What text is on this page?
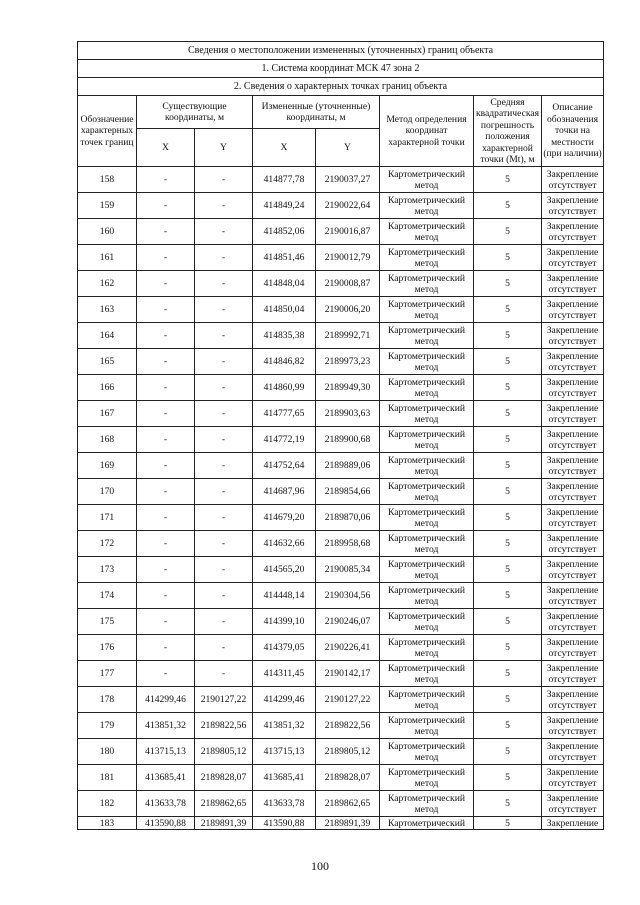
Сведения о местоположении измененных (уточненных) границ объекта							
1. Система координат МСК 47 зона 2							
2. Сведения о характерных точках границ объекта							
Обозначение характерных точек границ	Существующие координаты, м		Измененные (уточненные) координаты, м		Метод определения координат характерной точки	Средняя квадратическая погрешность положения характерной точки (Mt), м	Описание обозначения точки на местности (при наличии)
	X	Y	X	Y			
158	-	-	414877,78	2190037,27	Картометрический метод	5	Закрепление отсутствует
159	-	-	414849,24	2190022,64	Картометрический метод	5	Закрепление отсутствует
160	-	-	414852,06	2190016,87	Картометрический метод	5	Закрепление отсутствует
161	-	-	414851,46	2190012,79	Картометрический метод	5	Закрепление отсутствует
162	-	-	414848,04	2190008,87	Картометрический метод	5	Закрепление отсутствует
163	-	-	414850,04	2190006,20	Картометрический метод	5	Закрепление отсутствует
164	-	-	414835,38	2189992,71	Картометрический метод	5	Закрепление отсутствует
165	-	-	414846,82	2189973,23	Картометрический метод	5	Закрепление отсутствует
166	-	-	414860,99	2189949,30	Картометрический метод	5	Закрепление отсутствует
167	-	-	414777,65	2189903,63	Картометрический метод	5	Закрепление отсутствует
168	-	-	414772,19	2189900,68	Картометрический метод	5	Закрепление отсутствует
169	-	-	414752,64	2189889,06	Картометрический метод	5	Закрепление отсутствует
170	-	-	414687,96	2189854,66	Картометрический метод	5	Закрепление отсутствует
171	-	-	414679,20	2189870,06	Картометрический метод	5	Закрепление отсутствует
172	-	-	414632,66	2189958,68	Картометрический метод	5	Закрепление отсутствует
173	-	-	414565,20	2190085,34	Картометрический метод	5	Закрепление отсутствует
174	-	-	414448,14	2190304,56	Картометрический метод	5	Закрепление отсутствует
175	-	-	414399,10	2190246,07	Картометрический метод	5	Закрепление отсутствует
176	-	-	414379,05	2190226,41	Картометрический метод	5	Закрепление отсутствует
177	-	-	414311,45	2190142,17	Картометрический метод	5	Закрепление отсутствует
178	414299,46	2190127,22	414299,46	2190127,22	Картометрический метод	5	Закрепление отсутствует
179	413851,32	2189822,56	413851,32	2189822,56	Картометрический метод	5	Закрепление отсутствует
180	413715,13	2189805,12	413715,13	2189805,12	Картометрический метод	5	Закрепление отсутствует
181	413685,41	2189828,07	413685,41	2189828,07	Картометрический метод	5	Закрепление отсутствует
182	413633,78	2189862,65	413633,78	2189862,65	Картометрический метод	5	Закрепление отсутствует
183	413590,88	2189891,39	413590,88	2189891,39	Картометрический	5	Закрепление
100
